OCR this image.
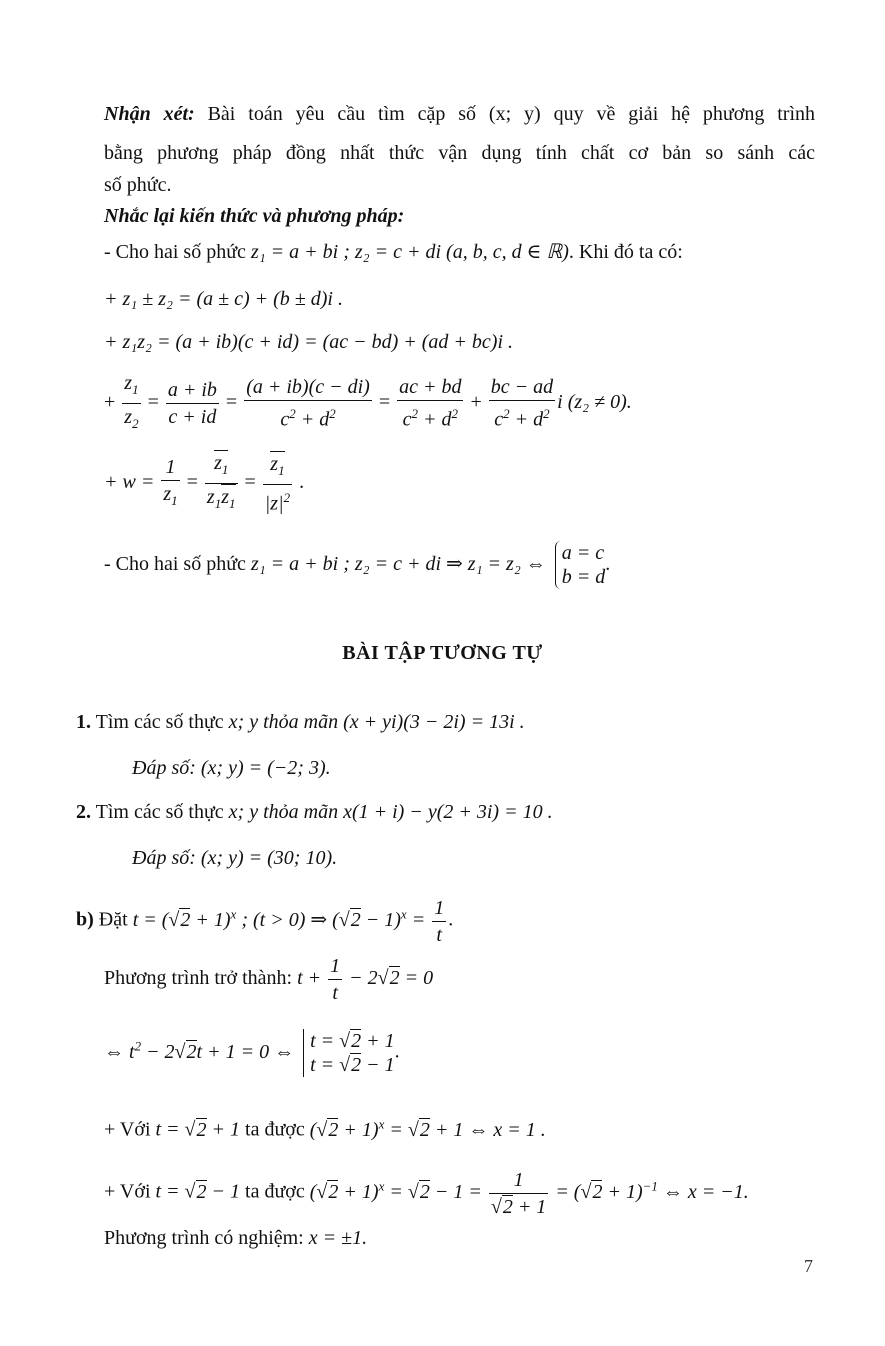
Nhận xét: Bài toán yêu cầu tìm cặp số (x; y) quy về giải hệ phương trình
bằng phương pháp đồng nhất thức vận dụng tính chất cơ bản so sánh các
số phức.
Nhắc lại kiến thức và phương pháp:
- Cho hai số phức z₁ = a + bi ; z₂ = c + di (a, b, c, d ∈ ℝ). Khi đó ta có:
+ z₁ ± z₂ = (a ± c) + (b ± d)i .
+ z₁z₂ = (a + ib)(c + id) = (ac − bd) + (ad + bc)i .
+ $\frac{z_1}{z_2} = \frac{a + ib}{c + id} = \frac{(a + ib)(c - di)}{c^2 + d^2} = \frac{ac + bd}{c^2 + d^2} + \frac{bc - ad}{c^2 + d^2}$ i (z₂ ≠ 0).
+ $w = \frac{1}{z_1} = \frac{z_1}{z_1z_1} = \frac{z_1}{|z|^2}$ .
- Cho hai số phức z₁ = a + bi ; z₂ = c + di ⇒ z₁ = z₂ ⇔ a = c
b = d
.
BÀI TẬP TƯƠNG TỰ
1. Tìm các số thực x; y thỏa mãn (x + yi)(3 − 2i) = 13i .
Đáp số: (x; y) = (−2; 3).
2. Tìm các số thực x; y thỏa mãn x(1 + i) − y(2 + 3i) = 10 .
Đáp số: (x; y) = (30; 10).
b) Đặt $t = (√2 + 1)^x$ ; (t > 0) ⇒ $(√2 - 1)^x = \frac{1}{t}$ .
Phương trình trở thành: $t + \frac{1}{t} - 2√2 = 0$
⇔ $t^2 - 2√2t + 1 = 0$ ⇔ t = √2 + 1
t = √2 − 1
.
+ Với t = √2 + 1 ta được $(√2 + 1)^x = √2 + 1$ ⇔ x = 1 .
+ Với t = √2 − 1 ta được $(√2 + 1)^x = √2 - 1 = \frac{1}{√2 + 1} = (√2 + 1)^{-1}$ ⇔ x = −1.
Phương trình có nghiệm: x = ±1.
7
